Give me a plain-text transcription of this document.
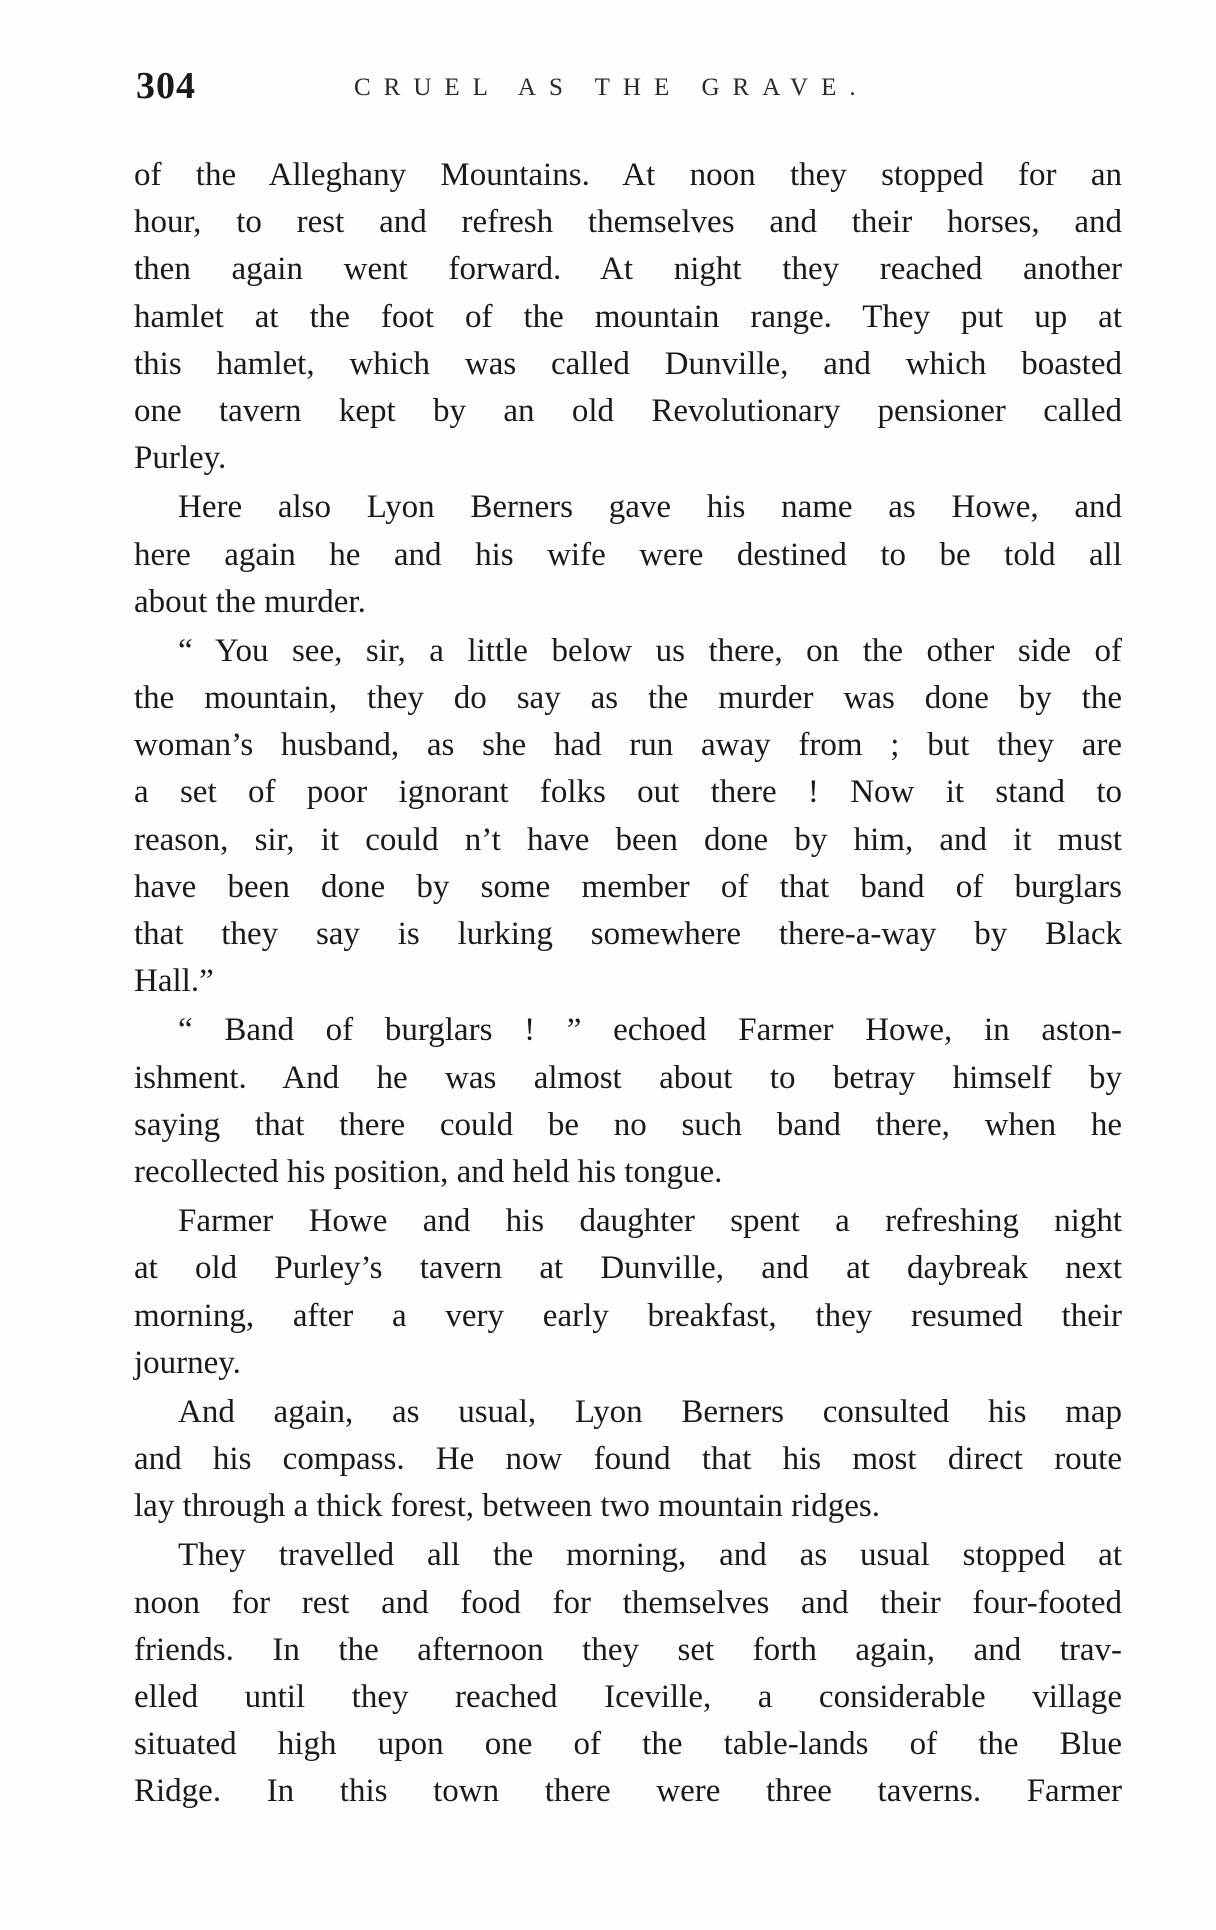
304	CRUEL AS THE GRAVE.
of the Alleghany Mountains. At noon they stopped for an
hour, to rest and refresh themselves and their horses, and
then again went forward. At night they reached another
hamlet at the foot of the mountain range. They put up at
this hamlet, which was called Dunville, and which boasted
one tavern kept by an old Revolutionary pensioner called
Purley.
Here also Lyon Berners gave his name as Howe, and
here again he and his wife were destined to be told all
about the murder.
“ You see, sir, a little below us there, on the other side of
the mountain, they do say as the murder was done by the
woman’s husband, as she had run away from ; but they are
a set of poor ignorant folks out there ! Now it stand to
reason, sir, it could n’t have been done by him, and it must
have been done by some member of that band of burglars
that they say is lurking somewhere there-a-way by Black
Hall.”
“ Band of burglars ! ” echoed Farmer Howe, in aston-
ishment. And he was almost about to betray himself by
saying that there could be no such band there, when he
recollected his position, and held his tongue.
Farmer Howe and his daughter spent a refreshing night
at old Purley’s tavern at Dunville, and at daybreak next
morning, after a very early breakfast, they resumed their
journey.
And again, as usual, Lyon Berners consulted his map
and his compass. He now found that his most direct route
lay through a thick forest, between two mountain ridges.
They travelled all the morning, and as usual stopped at
noon for rest and food for themselves and their four-footed
friends. In the afternoon they set forth again, and trav-
elled until they reached Iceville, a considerable village
situated high upon one of the table-lands of the Blue
Ridge. In this town there were three taverns. Farmer
